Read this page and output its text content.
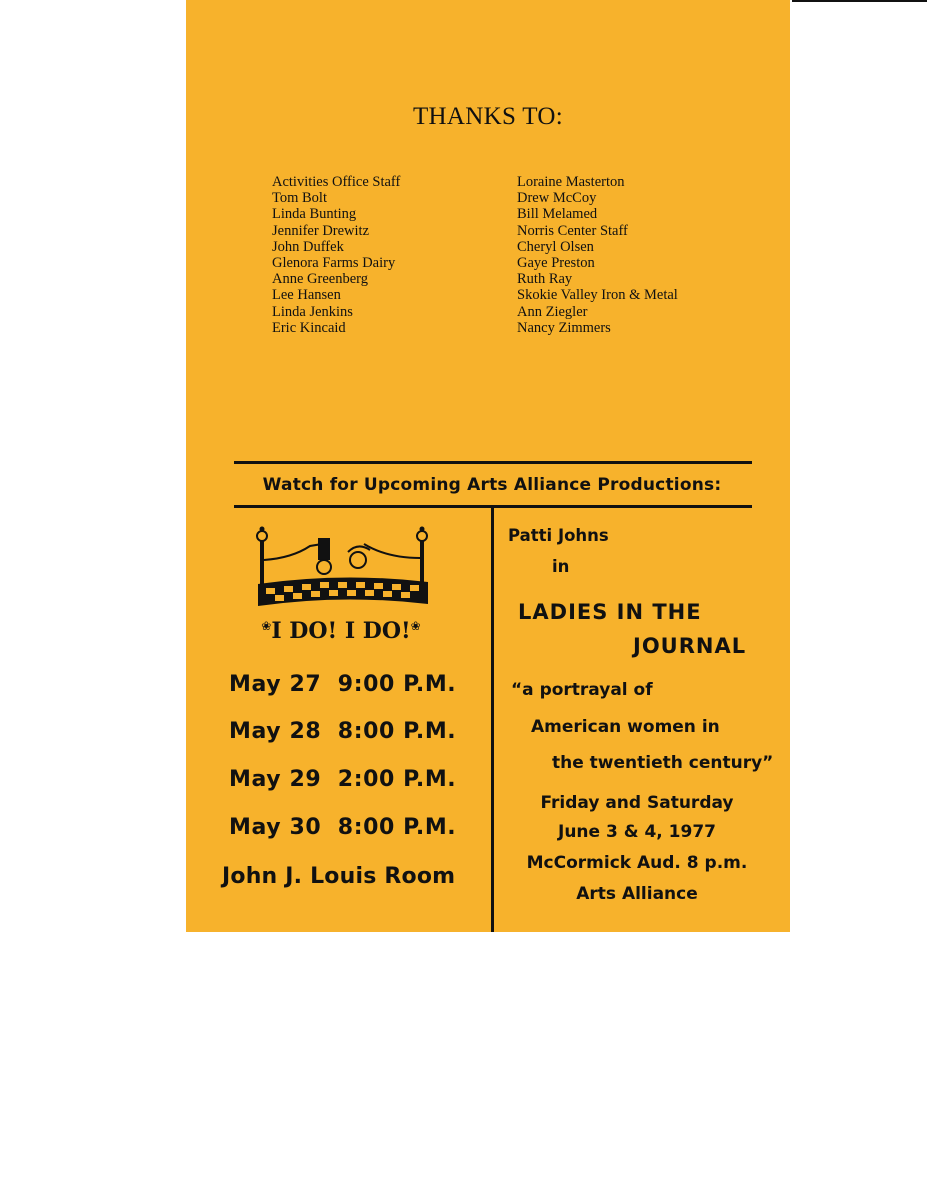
THANKS TO:
Activities Office Staff
Tom Bolt
Linda Bunting
Jennifer Drewitz
John Duffek
Glenora Farms Dairy
Anne Greenberg
Lee Hansen
Linda Jenkins
Eric Kincaid
Loraine Masterton
Drew McCoy
Bill Melamed
Norris Center Staff
Cheryl Olsen
Gaye Preston
Ruth Ray
Skokie Valley Iron & Metal
Ann Ziegler
Nancy Zimmers
Watch for Upcoming Arts Alliance Productions:
❀I DO! I DO!❀
May 27  9:00 P.M.
May 28  8:00 P.M.
May 29  2:00 P.M.
May 30  8:00 P.M.
John J. Louis Room
Patti Johns
in
LADIES IN THE
JOURNAL
“a portrayal of
American women in
the twentieth century”
Friday and Saturday
June 3 & 4, 1977
McCormick Aud. 8 p.m.
Arts Alliance
